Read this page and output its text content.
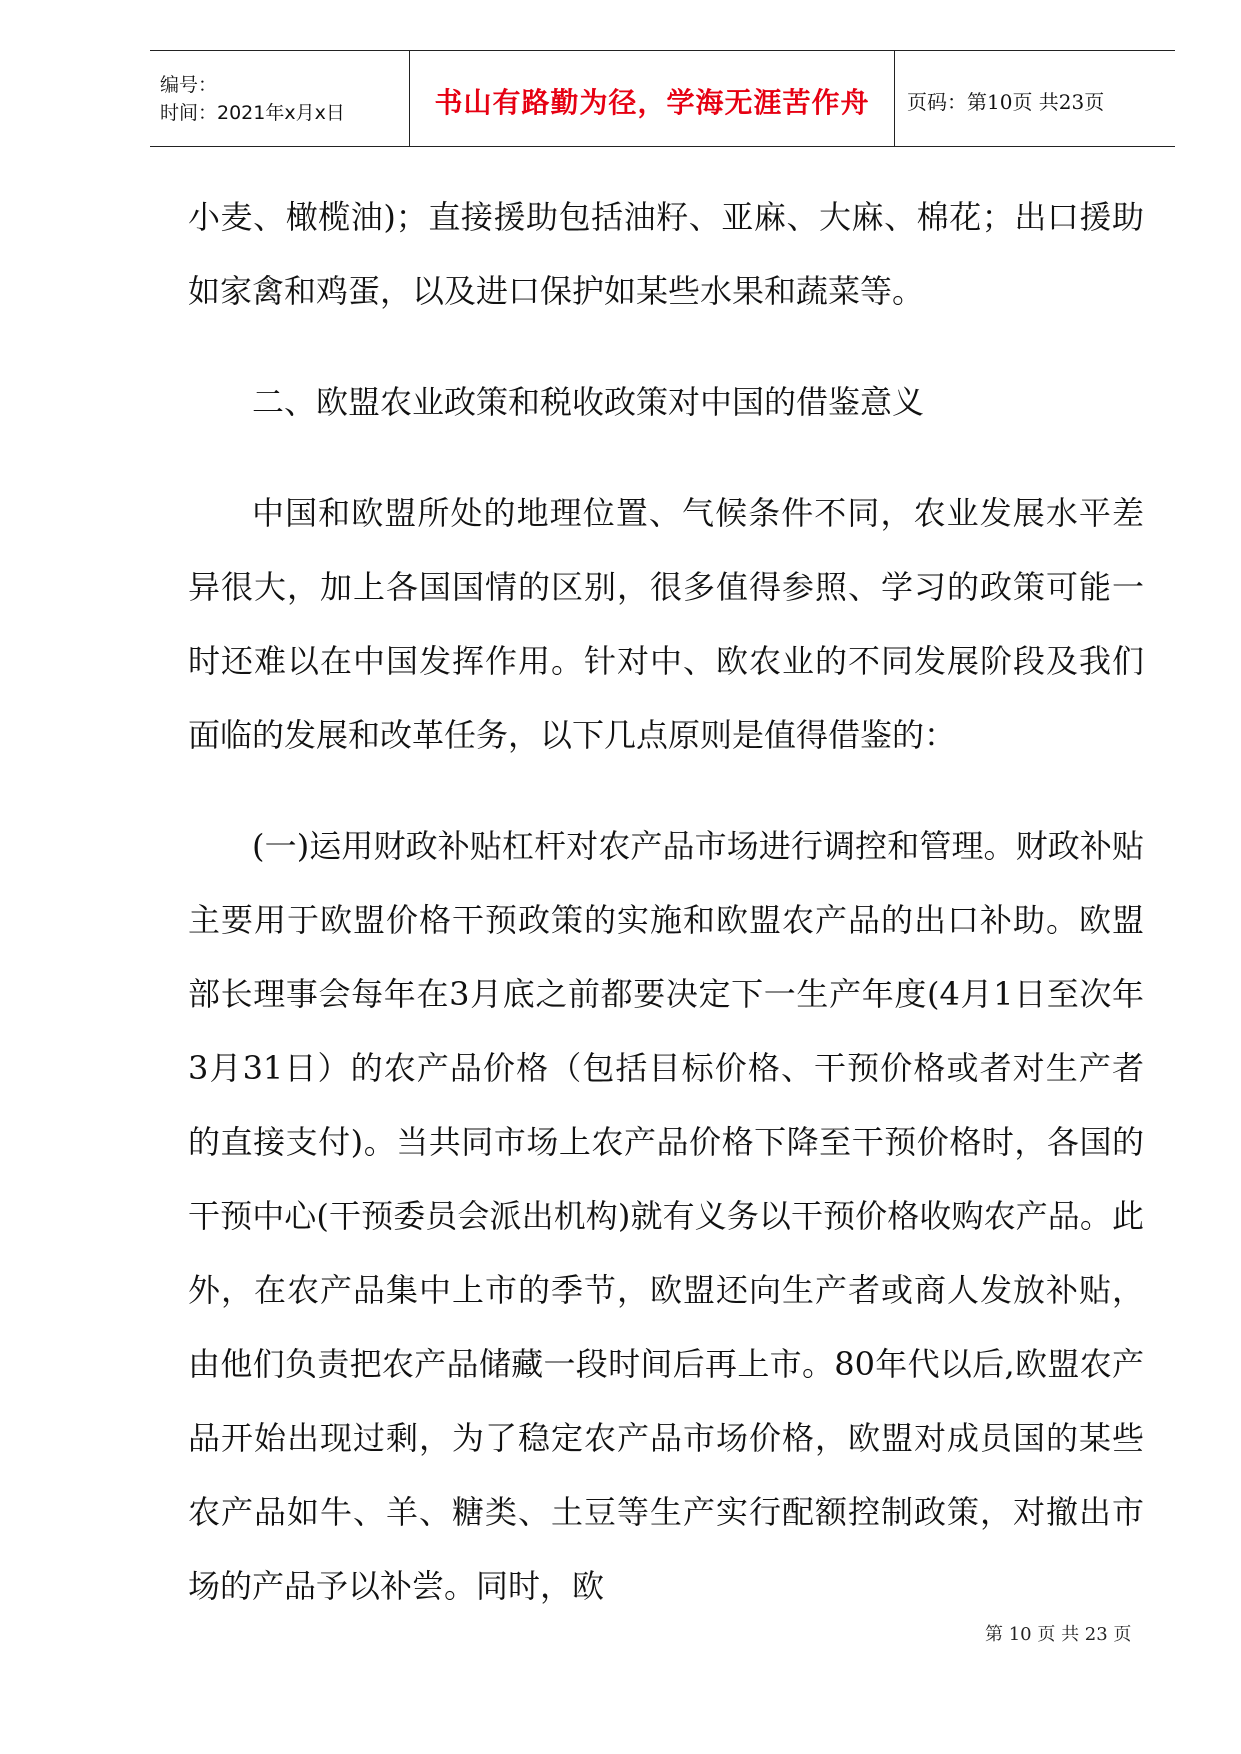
编号：
时间：2021年x月x日	书山有路勤为径，学海无涯苦作舟 页码：第10页 共23页

小麦、橄榄油)；直接援助包括油籽、亚麻、大麻、棉花；出口援助如家禽和鸡蛋，以及进口保护如某些水果和蔬菜等。

二、欧盟农业政策和税收政策对中国的借鉴意义

中国和欧盟所处的地理位置、气候条件不同，农业发展水平差异很大，加上各国国情的区别，很多值得参照、学习的政策可能一时还难以在中国发挥作用。针对中、欧农业的不同发展阶段及我们面临的发展和改革任务，以下几点原则是值得借鉴的：

(一)运用财政补贴杠杆对农产品市场进行调控和管理。财政补贴主要用于欧盟价格干预政策的实施和欧盟农产品的出口补助。欧盟部长理事会每年在3月底之前都要决定下一生产年度(4月1日至次年3月31日）的农产品价格（包括目标价格、干预价格或者对生产者的直接支付)。当共同市场上农产品价格下降至干预价格时，各国的干预中心(干预委员会派出机构)就有义务以干预价格收购农产品。此外，在农产品集中上市的季节，欧盟还向生产者或商人发放补贴，由他们负责把农产品储藏一段时间后再上市。80年代以后,欧盟农产品开始出现过剩，为了稳定农产品市场价格，欧盟对成员国的某些农产品如牛、羊、糖类、土豆等生产实行配额控制政策，对撤出市场的产品予以补尝。同时，欧

第 10 页 共 23 页
